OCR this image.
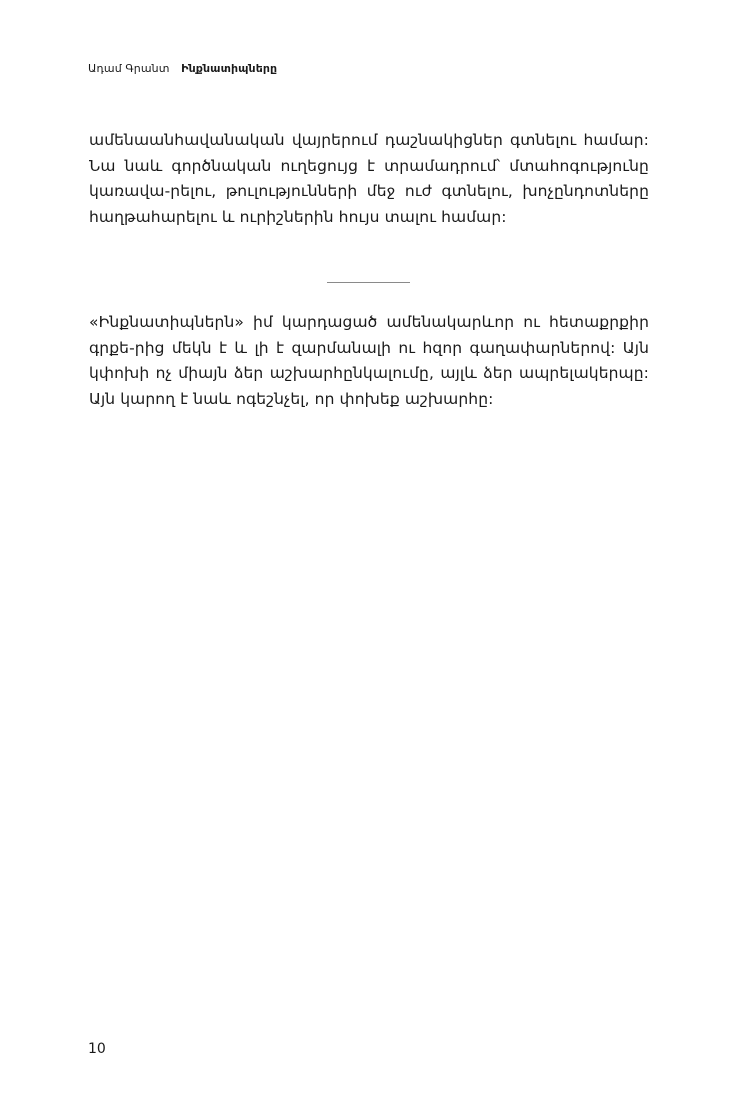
Ադամ Գրանտ Ինքնատիպները

ամենաանհավանական վայրերում դաշնակիցներ գտնելու համար: Նա նաև գործնական ուղեցույց է տրամադրում՝ մտահոգությունը կառավա-րելու, թուլությունների մեջ ուժ գտնելու, խոչընդոտները հաղթահարելու և ուրիշներին հույս տալու համար:

«Ինքնատիպներն» իմ կարդացած ամենակարևոր ու հետաքրքիր գրքե-րից մեկն է և լի է զարմանալի ու հզոր գաղափարներով: Այն կփոխի ոչ միայն ձեր աշխարհընկալումը, այլև ձեր ապրելակերպը: Այն կարող է նաև ոգեշնչել, որ փոխեք աշխարհը:

10
